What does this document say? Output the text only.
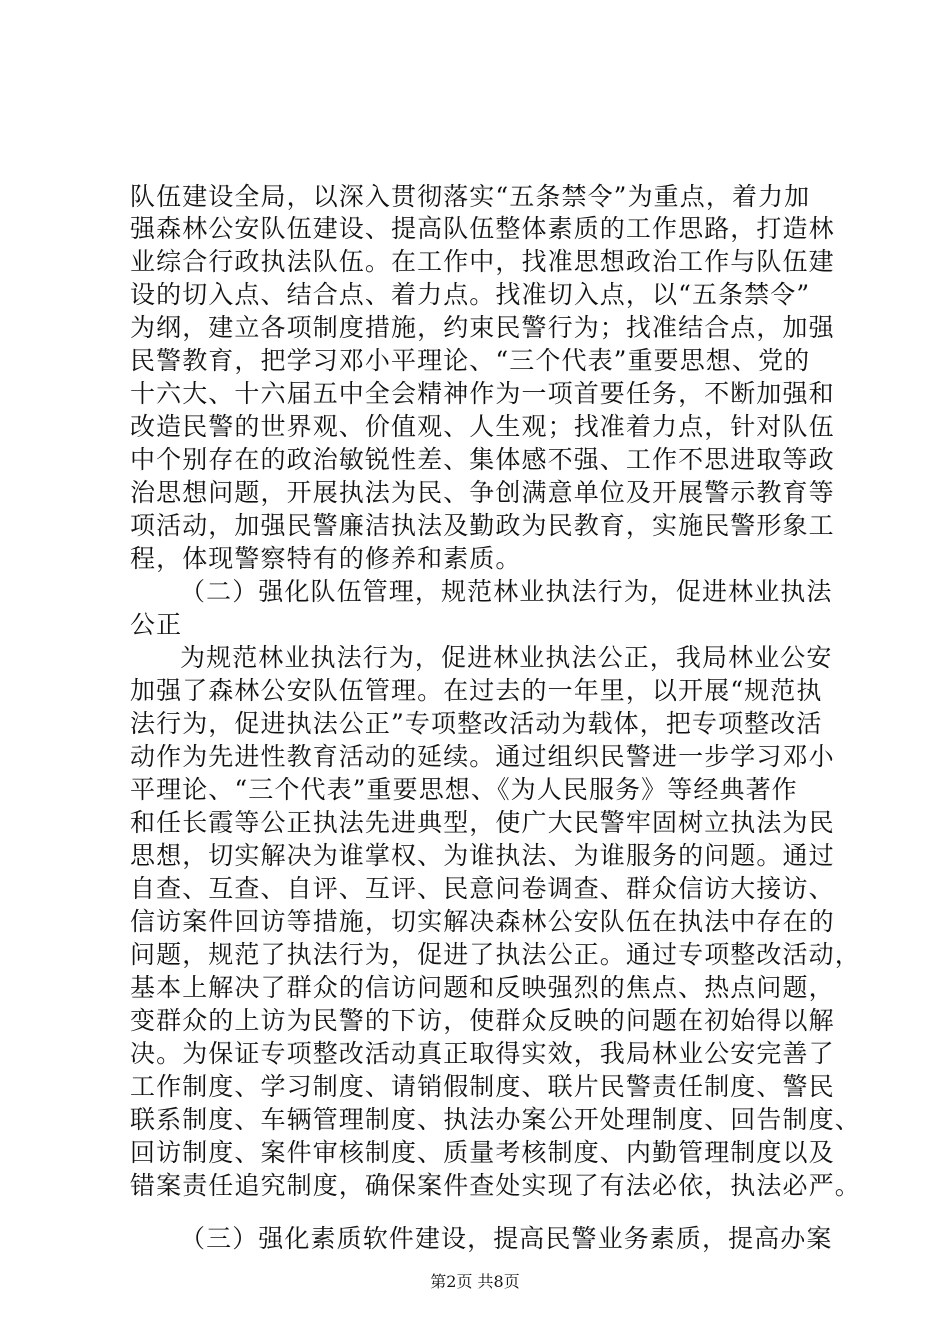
队伍建设全局，以深入贯彻落实“五条禁令”为重点，着力加
强森林公安队伍建设、提高队伍整体素质的工作思路，打造林
业综合行政执法队伍。在工作中，找准思想政治工作与队伍建
设的切入点、结合点、着力点。找准切入点，以“五条禁令”
为纲，建立各项制度措施，约束民警行为；找准结合点，加强
民警教育，把学习邓小平理论、“三个代表”重要思想、党的
十六大、十六届五中全会精神作为一项首要任务，不断加强和
改造民警的世界观、价值观、人生观；找准着力点，针对队伍
中个别存在的政治敏锐性差、集体感不强、工作不思进取等政
治思想问题，开展执法为民、争创满意单位及开展警示教育等
项活动，加强民警廉洁执法及勤政为民教育，实施民警形象工
程，体现警察特有的修养和素质。
（二）强化队伍管理，规范林业执法行为，促进林业执法
公正
为规范林业执法行为，促进林业执法公正，我局林业公安
加强了森林公安队伍管理。在过去的一年里，以开展“规范执
法行为，促进执法公正”专项整改活动为载体，把专项整改活
动作为先进性教育活动的延续。通过组织民警进一步学习邓小
平理论、“三个代表”重要思想、《为人民服务》等经典著作
和任长霞等公正执法先进典型，使广大民警牢固树立执法为民
思想，切实解决为谁掌权、为谁执法、为谁服务的问题。通过
自查、互查、自评、互评、民意问卷调查、群众信访大接访、
信访案件回访等措施，切实解决森林公安队伍在执法中存在的
问题，规范了执法行为，促进了执法公正。通过专项整改活动，
基本上解决了群众的信访问题和反映强烈的焦点、热点问题，
变群众的上访为民警的下访，使群众反映的问题在初始得以解
决。为保证专项整改活动真正取得实效，我局林业公安完善了
工作制度、学习制度、请销假制度、联片民警责任制度、警民
联系制度、车辆管理制度、执法办案公开处理制度、回告制度、
回访制度、案件审核制度、质量考核制度、内勤管理制度以及
错案责任追究制度，确保案件查处实现了有法必依，执法必严。
（三）强化素质软件建设，提高民警业务素质，提高办案
第2页 共8页
